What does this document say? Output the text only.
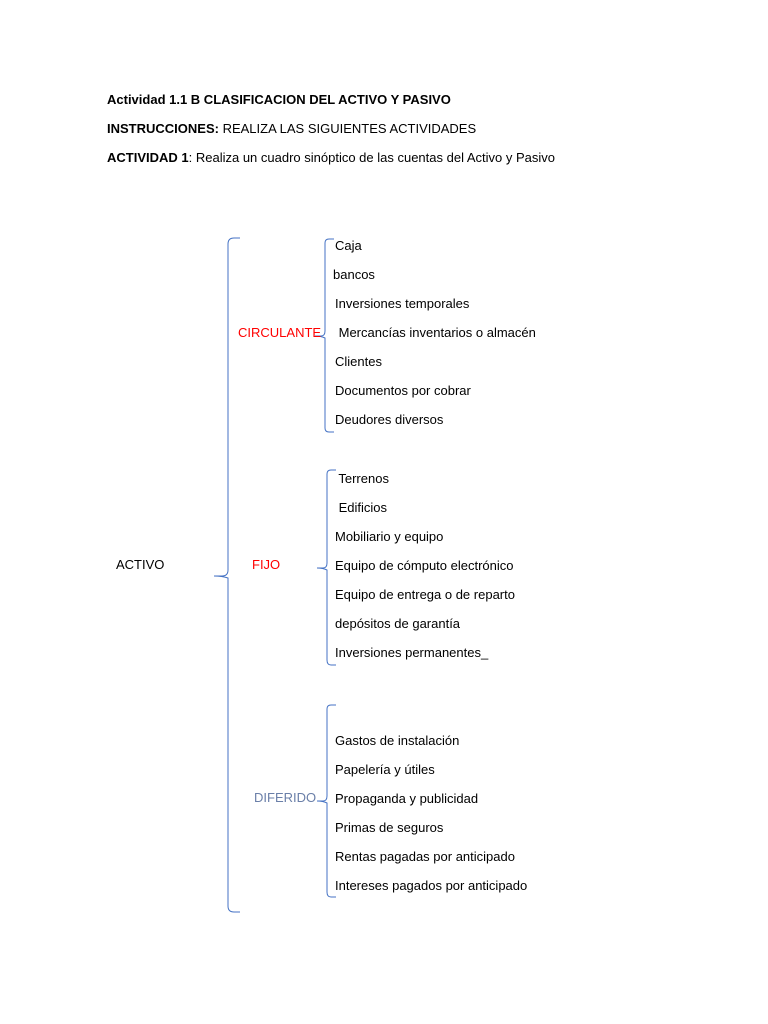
Actividad 1.1 B CLASIFICACION DEL ACTIVO Y PASIVO
INSTRUCCIONES: REALIZA LAS SIGUIENTES ACTIVIDADES
ACTIVIDAD 1: Realiza un cuadro sinóptico de las cuentas del Activo y Pasivo
ACTIVO
CIRCULANTE
FIJO
DIFERIDO
Caja
bancos
Inversiones temporales
Mercancías inventarios o almacén
Clientes
Documentos por cobrar
Deudores diversos
Terrenos
Edificios
Mobiliario y equipo
Equipo de cómputo electrónico
Equipo de entrega o de reparto
depósitos de garantía
Inversiones permanentes_
Gastos de instalación
Papelería y útiles
Propaganda y publicidad
Primas de seguros
Rentas pagadas por anticipado
Intereses pagados por anticipado
